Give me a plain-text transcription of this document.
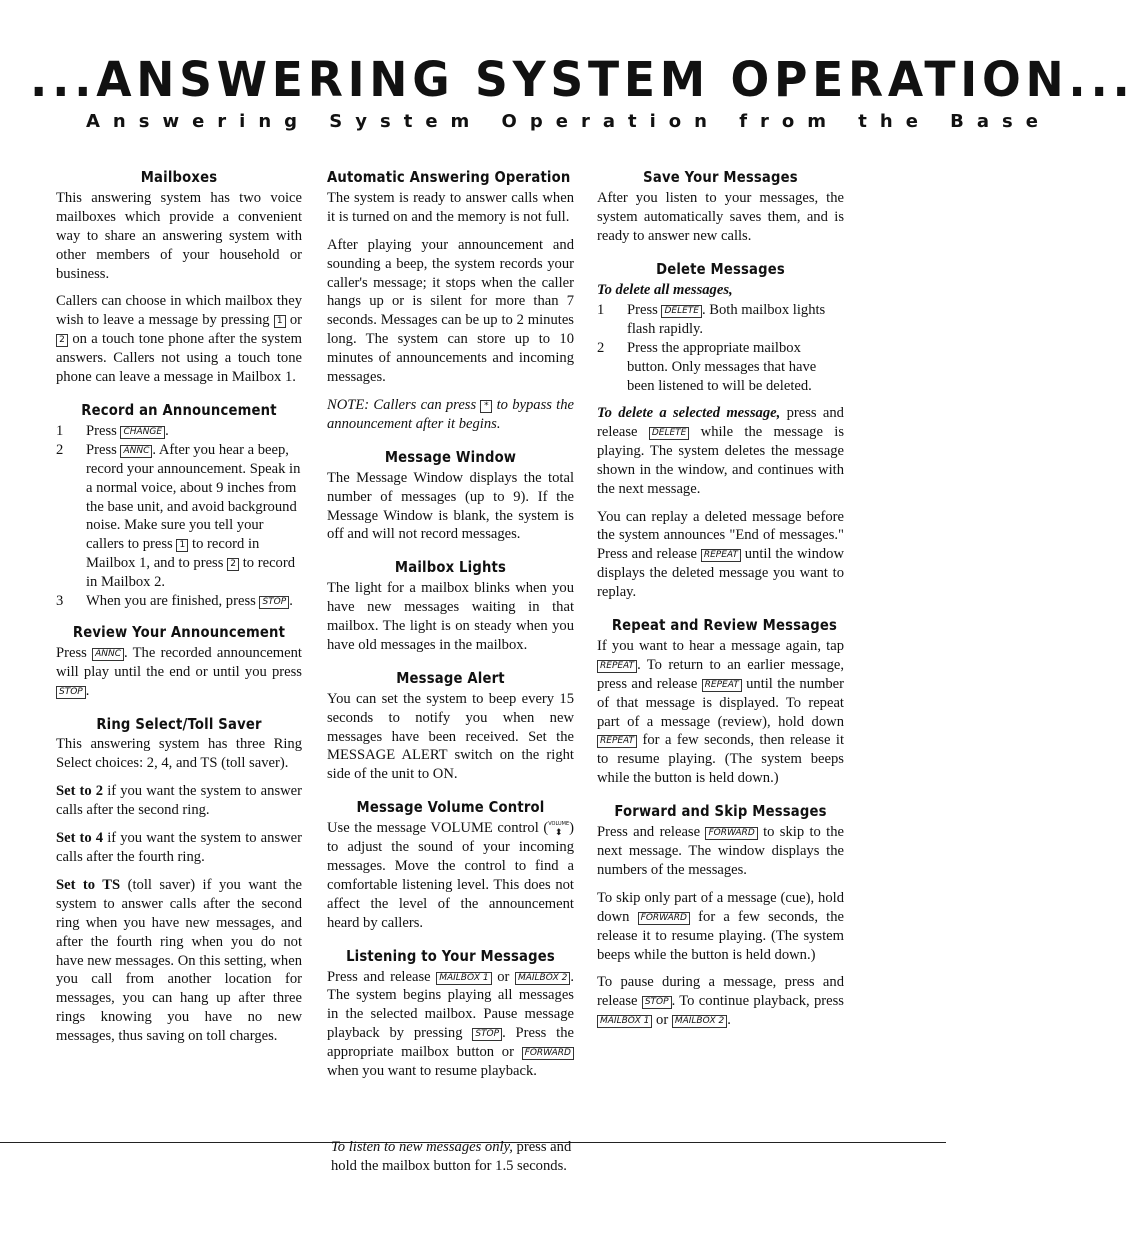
...ANSWERING SYSTEM OPERATION...
Answering System Operation from the Base
Mailboxes

This answering system has two voice mailboxes which provide a convenient way to share an answering system with other members of your household or business.

Callers can choose in which mailbox they wish to leave a message by pressing 1 or 2 on a touch tone phone after the system answers. Callers not using a touch tone phone can leave a message in Mailbox 1.

Record an Announcement
1 Press CHANGE .
2 Press ANNC . After you hear a beep, record your announcement. Speak in a normal voice, about 9 inches from the base unit, and avoid background noise. Make sure you tell your callers to press 1 to record in Mailbox 1, and to press 2 to record in Mailbox 2.
3 When you are finished, press STOP .
Review Your Announcement

Press ANNC . The recorded announcement will play until the end or until you press STOP .

Ring Select/Toll Saver

This answering system has three Ring Select choices: 2, 4, and TS (toll saver).

Set to 2 if you want the system to answer calls after the second ring.

Set to 4 if you want the system to answer calls after the fourth ring.

Set to TS (toll saver) if you want the system to answer calls after the second ring when you have new messages, and after the fourth ring when you do not have new messages. On this setting, when you call from another location for messages, you can hang up after three rings knowing you have no new messages, thus saving on toll charges.

Automatic Answering Operation

The system is ready to answer calls when it is turned on and the memory is not full.

After playing your announcement and sounding a beep, the system records your caller's message; it stops when the caller hangs up or is silent for more than 7 seconds. Messages can be up to 2 minutes long. The system can store up to 10 minutes of announcements and incoming messages.

NOTE: Callers can press * to bypass the announcement after it begins.

Message Window

The Message Window displays the total number of messages (up to 9). If the Message Window is blank, the system is off and will not record messages.

Mailbox Lights

The light for a mailbox blinks when you have new messages waiting in that mailbox. The light is on steady when you have old messages in the mailbox.

Message Alert

You can set the system to beep every 15 seconds to notify you when new messages have been received. Set the MESSAGE ALERT switch on the right side of the unit to ON.

Message Volume Control

Use the message VOLUME control ( VOLUME
⬍ ) to adjust the sound of your incoming messages. Move the control to find a comfortable listening level. This does not affect the level of the announcement heard by callers.

Listening to Your Messages

Press and release MAILBOX 1 or MAILBOX 2 . The system begins playing all messages in the selected mailbox. Pause message playback by pressing STOP . Press the appropriate mailbox button or FORWARD when you want to resume playback.

Save Your Messages

After you listen to your messages, the system automatically saves them, and is ready to answer new calls.

Delete Messages

To delete all messages,

1 Press DELETE . Both mailbox lights flash rapidly.
2 Press the appropriate mailbox button. Only messages that have been listened to will be deleted.

To delete a selected message, press and release DELETE while the message is playing. The system deletes the message shown in the window, and continues with the next message.

You can replay a deleted message before the system announces "End of messages." Press and release REPEAT until the window displays the deleted message you want to replay.

Repeat and Review Messages

If you want to hear a message again, tap REPEAT . To return to an earlier message, press and release REPEAT until the number of that message is displayed. To repeat part of a message (review), hold down REPEAT for a few seconds, then release it to resume playing. (The system beeps while the button is held down.)

Forward and Skip Messages

Press and release FORWARD to skip to the next message. The window displays the numbers of the messages.

To skip only part of a message (cue), hold down FORWARD for a few seconds, the release it to resume playing. (The system beeps while the button is held down.)

To pause during a message, press and release STOP . To continue playback, press MAILBOX 1 or MAILBOX 2 .

To listen to new messages only, press and hold the mailbox button for 1.5 seconds.
